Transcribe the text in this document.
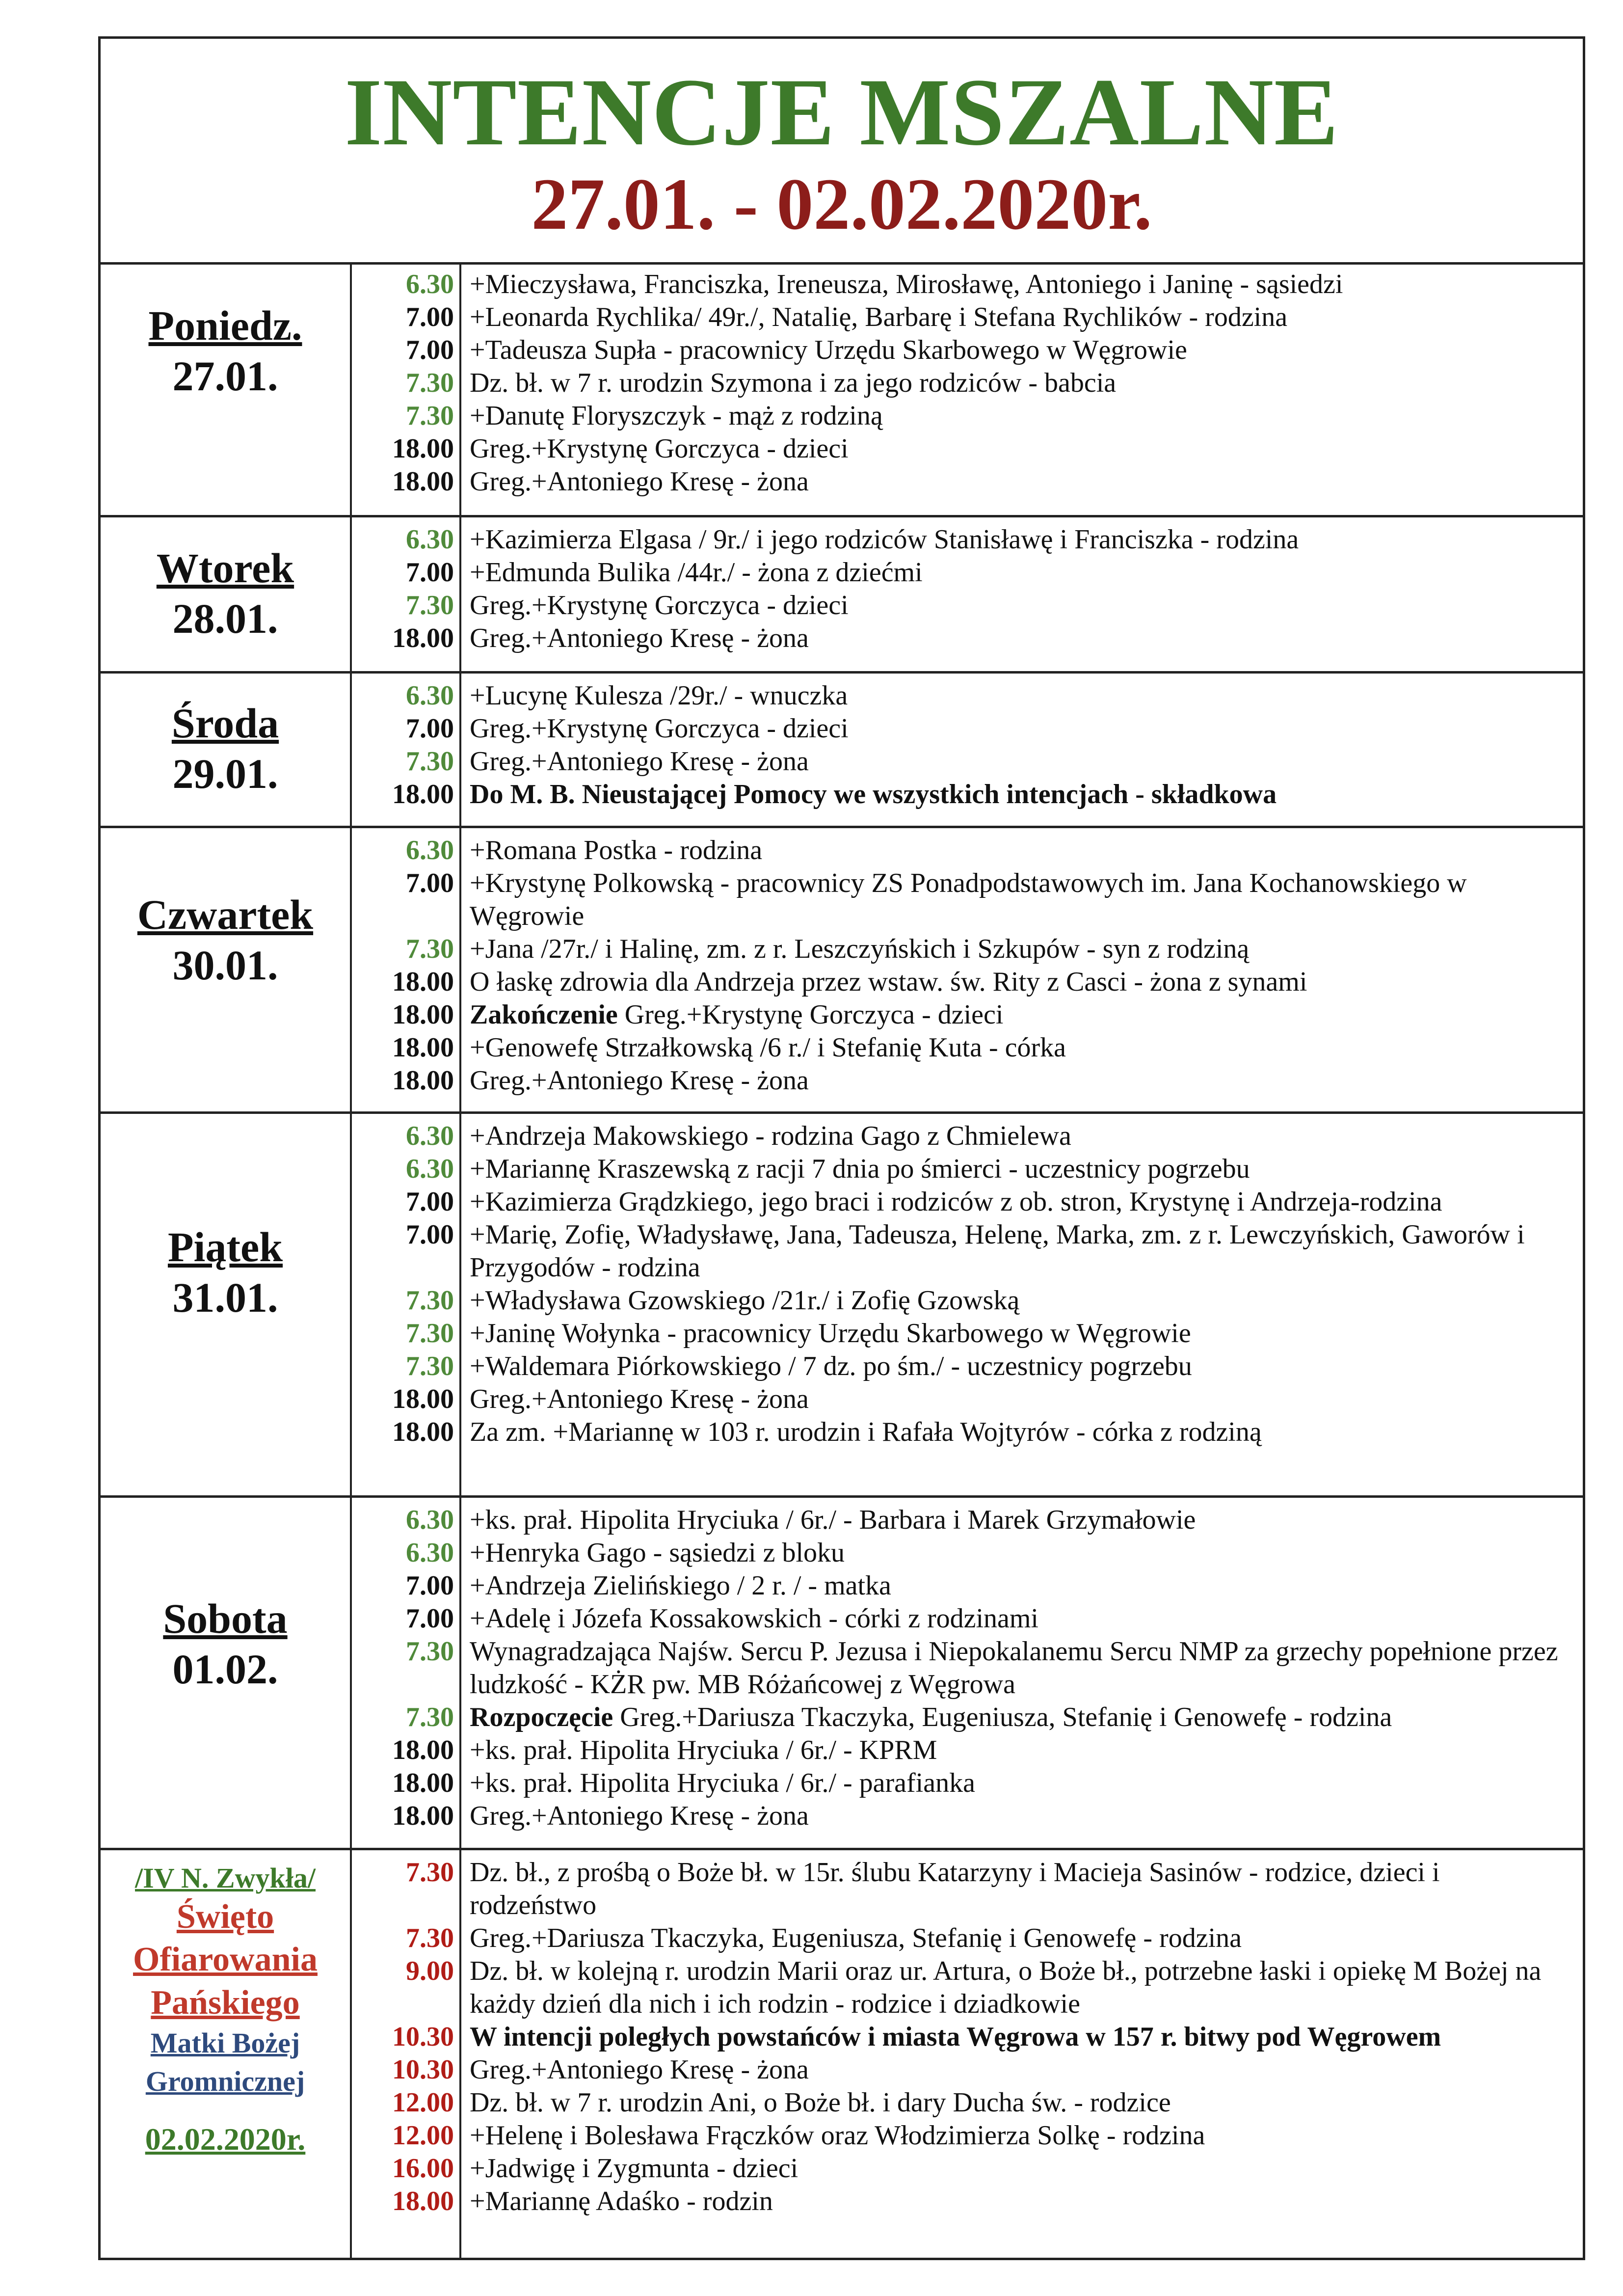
INTENCJE MSZALNE
27.01. - 02.02.2020r.
Poniedz.
27.01.
6.30 +Mieczysława, Franciszka, Ireneusza, Mirosławę, Antoniego i Janinę - sąsiedzi
7.00 +Leonarda Rychlika/ 49r./, Natalię, Barbarę i Stefana Rychlików - rodzina
7.00 +Tadeusza Supła - pracownicy Urzędu Skarbowego w Węgrowie
7.30 Dz. bł. w 7 r. urodzin Szymona i za jego rodziców - babcia
7.30 +Danutę Floryszczyk - mąż z rodziną
18.00 Greg.+Krystynę Gorczyca - dzieci
18.00 Greg.+Antoniego Kresę - żona
Wtorek
28.01.
6.30 +Kazimierza Elgasa / 9r./ i jego rodziców Stanisławę i Franciszka - rodzina
7.00 +Edmunda Bulika /44r./ - żona z dziećmi
7.30 Greg.+Krystynę Gorczyca - dzieci
18.00 Greg.+Antoniego Kresę - żona
Środa
29.01.
6.30 +Lucynę Kulesza /29r./ - wnuczka
7.00 Greg.+Krystynę Gorczyca - dzieci
7.30 Greg.+Antoniego Kresę - żona
18.00 Do M. B. Nieustającej Pomocy we wszystkich intencjach - składkowa
Czwartek
30.01.
6.30 +Romana Postka - rodzina
7.00 +Krystynę Polkowską - pracownicy ZS Ponadpodstawowych im. Jana Kochanowskiego w Węgrowie
7.30 +Jana /27r./ i Halinę, zm. z r. Leszczyńskich i Szkupów - syn z rodziną
18.00 O łaskę zdrowia dla Andrzeja przez wstaw. św. Rity z Casci - żona z synami
18.00 Zakończenie Greg.+Krystynę Gorczyca - dzieci
18.00 +Genowefę Strzałkowską /6 r./ i Stefanię Kuta - córka
18.00 Greg.+Antoniego Kresę - żona
Piątek
31.01.
6.30 +Andrzeja Makowskiego - rodzina Gago z Chmielewa
6.30 +Mariannę Kraszewską z racji 7 dnia po śmierci - uczestnicy pogrzebu
7.00 +Kazimierza Grądzkiego, jego braci i rodziców z ob. stron, Krystynę i Andrzeja-rodzina
7.00 +Marię, Zofię, Władysławę, Jana, Tadeusza, Helenę, Marka, zm. z r. Lewczyńskich, Gaworów i Przygodów - rodzina
7.30 +Władysława Gzowskiego /21r./ i Zofię Gzowską
7.30 +Janinę Wołynka - pracownicy Urzędu Skarbowego w Węgrowie
7.30 +Waldemara Piórkowskiego / 7 dz. po śm./ - uczestnicy pogrzebu
18.00 Greg.+Antoniego Kresę - żona
18.00 Za zm. +Mariannę w 103 r. urodzin i Rafała Wojtyrów - córka z rodziną
Sobota
01.02.
6.30 +ks. prał. Hipolita Hryciuka / 6r./ - Barbara i Marek Grzymałowie
6.30 +Henryka Gago - sąsiedzi z bloku
7.00 +Andrzeja Zielińskiego / 2 r. / - matka
7.00 +Adelę i Józefa Kossakowskich - córki z rodzinami
7.30 Wynagradzająca Najśw. Sercu P. Jezusa i Niepokalanemu Sercu NMP za grzechy popełnione przez ludzkość - KŻR pw. MB Różańcowej z Węgrowa
7.30 Rozpoczęcie Greg.+Dariusza Tkaczyka, Eugeniusza, Stefanię i Genowefę - rodzina
18.00 +ks. prał. Hipolita Hryciuka / 6r./ - KPRM
18.00 +ks. prał. Hipolita Hryciuka / 6r./ - parafianka
18.00 Greg.+Antoniego Kresę - żona
/IV N. Zwykła/
Święto
Ofiarowania
Pańskiego
Matki Bożej
Gromnicznej
02.02.2020r.
7.30 Dz. bł., z prośbą o Boże bł. w 15r. ślubu Katarzyny i Macieja Sasinów - rodzice, dzieci i rodzeństwo
7.30 Greg.+Dariusza Tkaczyka, Eugeniusza, Stefanię i Genowefę - rodzina
9.00 Dz. bł. w kolejną r. urodzin Marii oraz ur. Artura, o Boże bł., potrzebne łaski i opiekę M Bożej na każdy dzień dla nich i ich rodzin - rodzice i dziadkowie
10.30 W intencji poległych powstańców i miasta Węgrowa w 157 r. bitwy pod Węgrowem
10.30 Greg.+Antoniego Kresę - żona
12.00 Dz. bł. w 7 r. urodzin Ani, o Boże bł. i dary Ducha św. - rodzice
12.00 +Helenę i Bolesława Frączków oraz Włodzimierza Solkę - rodzina
16.00 +Jadwigę i Zygmunta - dzieci
18.00 +Mariannę Adaśko - rodzin
